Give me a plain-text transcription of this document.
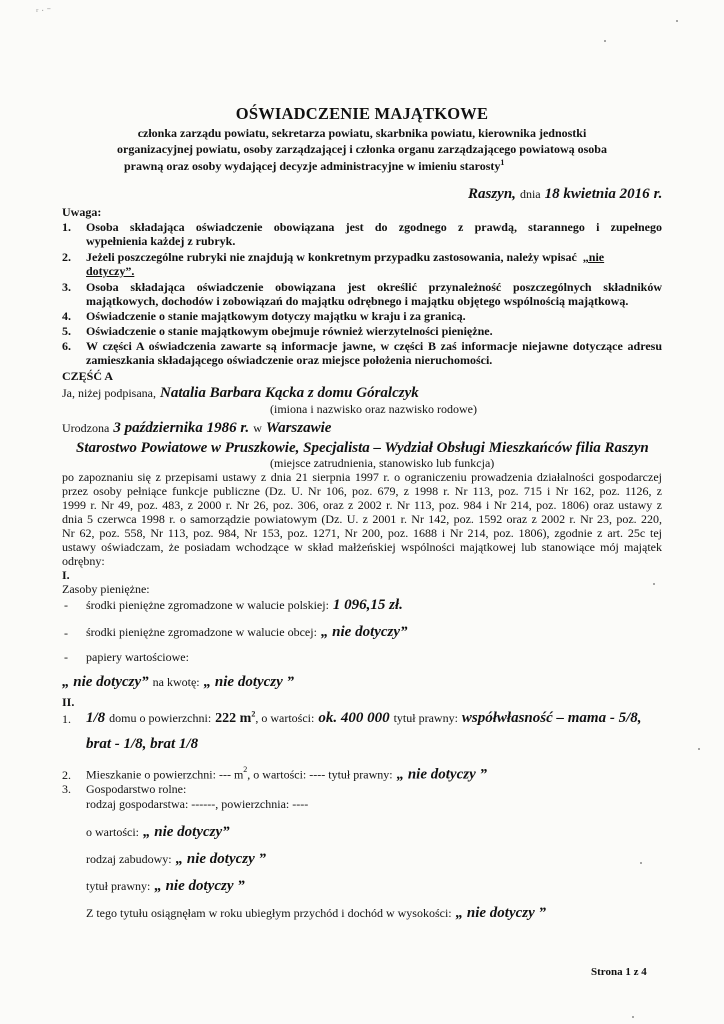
ʳ ˑ ˉ
OŚWIADCZENIE MAJĄTKOWE
członka zarządu powiatu, sekretarza powiatu, skarbnika powiatu, kierownika jednostki
organizacyjnej powiatu, osoby zarządzającej i członka organu zarządzającego powiatową osoba
prawną oraz osoby wydającej decyzje administracyjne w imieniu starosty$^1$
Raszyn, dnia 18 kwietnia 2016 r.
Uwaga:
1. Osoba składająca oświadczenie obowiązana jest do zgodnego z prawdą, starannego i zupełnego
wypełnienia każdej z rubryk.
2. Jeżeli poszczególne rubryki nie znajdują w konkretnym przypadku zastosowania, należy wpisać „nie
dotyczy”.
3. Osoba składająca oświadczenie obowiązana jest określić przynależność poszczególnych składników
majątkowych, dochodów i zobowiązań do majątku odrębnego i majątku objętego wspólnością majątkową.
4. Oświadczenie o stanie majątkowym dotyczy majątku w kraju i za granicą.
5. Oświadczenie o stanie majątkowym obejmuje również wierzytelności pieniężne.
6. W części A oświadczenia zawarte są informacje jawne, w części B zaś informacje niejawne dotyczące adresu
zamieszkania składającego oświadczenie oraz miejsce położenia nieruchomości.
CZĘŚĆ A
Ja, niżej podpisana, Natalia Barbara Kącka z domu Góralczyk
(imiona i nazwisko oraz nazwisko rodowe)
Urodzona 3 października 1986 r. w Warszawie
Starostwo Powiatowe w Pruszkowie, Specjalista – Wydział Obsługi Mieszkańców filia Raszyn
(miejsce zatrudnienia, stanowisko lub funkcja)
po zapoznaniu się z przepisami ustawy z dnia 21 sierpnia 1997 r. o ograniczeniu prowadzenia działalności gospodarczej
przez osoby pełniące funkcje publiczne (Dz. U. Nr 106, poz. 679, z 1998 r. Nr 113, poz. 715 i Nr 162, poz. 1126, z
1999 r. Nr 49, poz. 483, z 2000 r. Nr 26, poz. 306, oraz z 2002 r. Nr 113, poz. 984 i Nr 214, poz. 1806) oraz ustawy z
dnia 5 czerwca 1998 r. o samorządzie powiatowym (Dz. U. z 2001 r. Nr 142, poz. 1592 oraz z 2002 r. Nr 23, poz. 220,
Nr 62, poz. 558, Nr 113, poz. 984, Nr 153, poz. 1271, Nr 200, poz. 1688 i Nr 214, poz. 1806), zgodnie z art. 25c tej
ustawy oświadczam, że posiadam wchodzące w skład małżeńskiej wspólności majątkowej lub stanowiące mój majątek
odrębny:
I.
Zasoby pieniężne:
- środki pieniężne zgromadzone w walucie polskiej: 1 096,15 zł.
- środki pieniężne zgromadzone w walucie obcej: „ nie dotyczy”
- papiery wartościowe:
„ nie dotyczy” na kwotę: „ nie dotyczy ”
II.
1. 1/8 domu o powierzchni: 222 $m^2$, o wartości: ok. 400 000 tytuł prawny: współwłasność – mama - 5/8,
brat - 1/8, brat 1/8
2. Mieszkanie o powierzchni: --- $m^2$, o wartości: ---- tytuł prawny: „ nie dotyczy ”
3. Gospodarstwo rolne:
rodzaj gospodarstwa: ------, powierzchnia: ----
o wartości: „ nie dotyczy”
rodzaj zabudowy: „ nie dotyczy ”
tytuł prawny: „ nie dotyczy ”
Z tego tytułu osiągnęłam w roku ubiegłym przychód i dochód w wysokości: „ nie dotyczy ”
Strona 1 z 4
